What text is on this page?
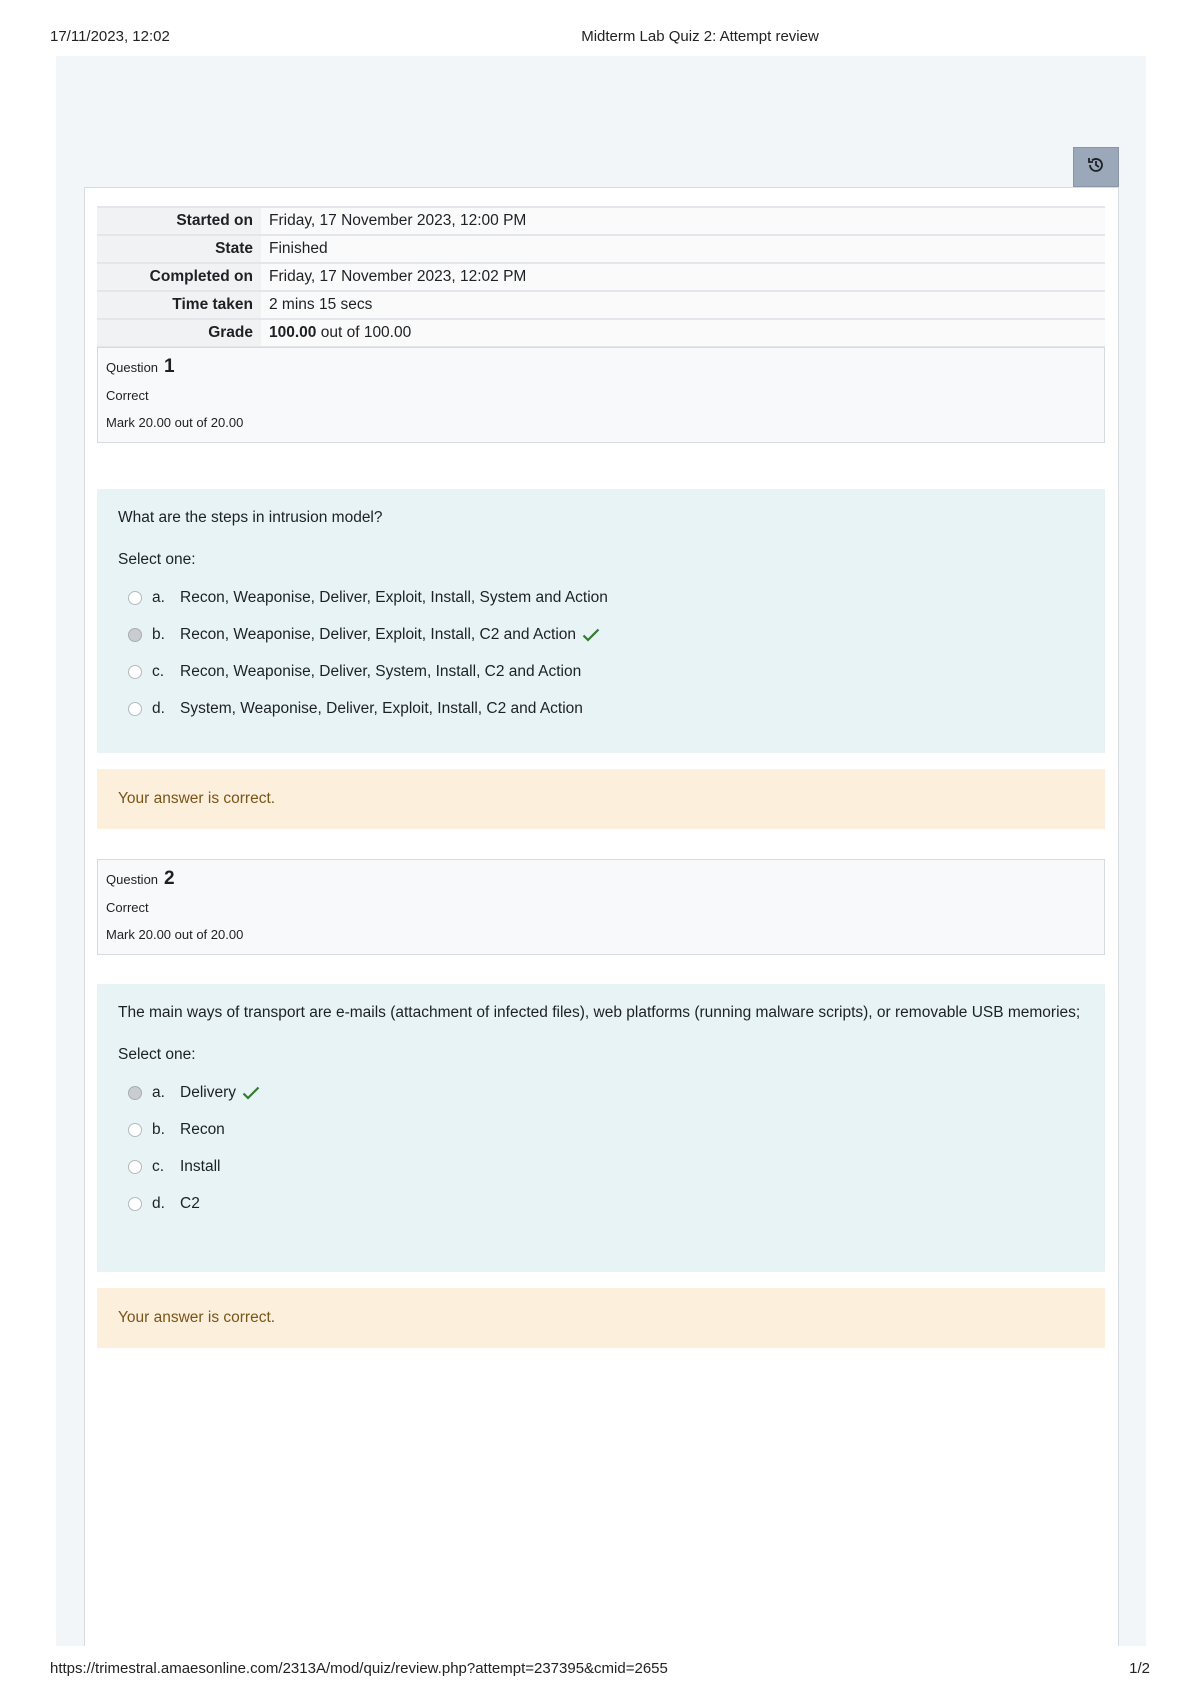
17/11/2023, 12:02	Midterm Lab Quiz 2: Attempt review
Started on	Friday, 17 November 2023, 12:00 PM
State	Finished
Completed on	Friday, 17 November 2023, 12:02 PM
Time taken	2 mins 15 secs
Grade	100.00 out of 100.00
Question 1
Correct
Mark 20.00 out of 20.00
What are the steps in intrusion model?
Select one:
a. Recon, Weaponise, Deliver, Exploit, Install, System and Action
b. Recon, Weaponise, Deliver, Exploit, Install, C2 and Action
c.	Recon, Weaponise, Deliver, System, Install, C2 and Action
d. System, Weaponise, Deliver, Exploit, Install, C2 and Action
Your answer is correct.
Question 2
Correct
Mark 20.00 out of 20.00
The main ways of transport are e-mails (attachment of infected files), web platforms (running malware scripts), or removable USB memories;
Select one:
a. Delivery
b. Recon
c.	Install
d. C2
Your answer is correct.
https://trimestral.amaesonline.com/2313A/mod/quiz/review.php?attempt=237395&cmid=2655	1/2
